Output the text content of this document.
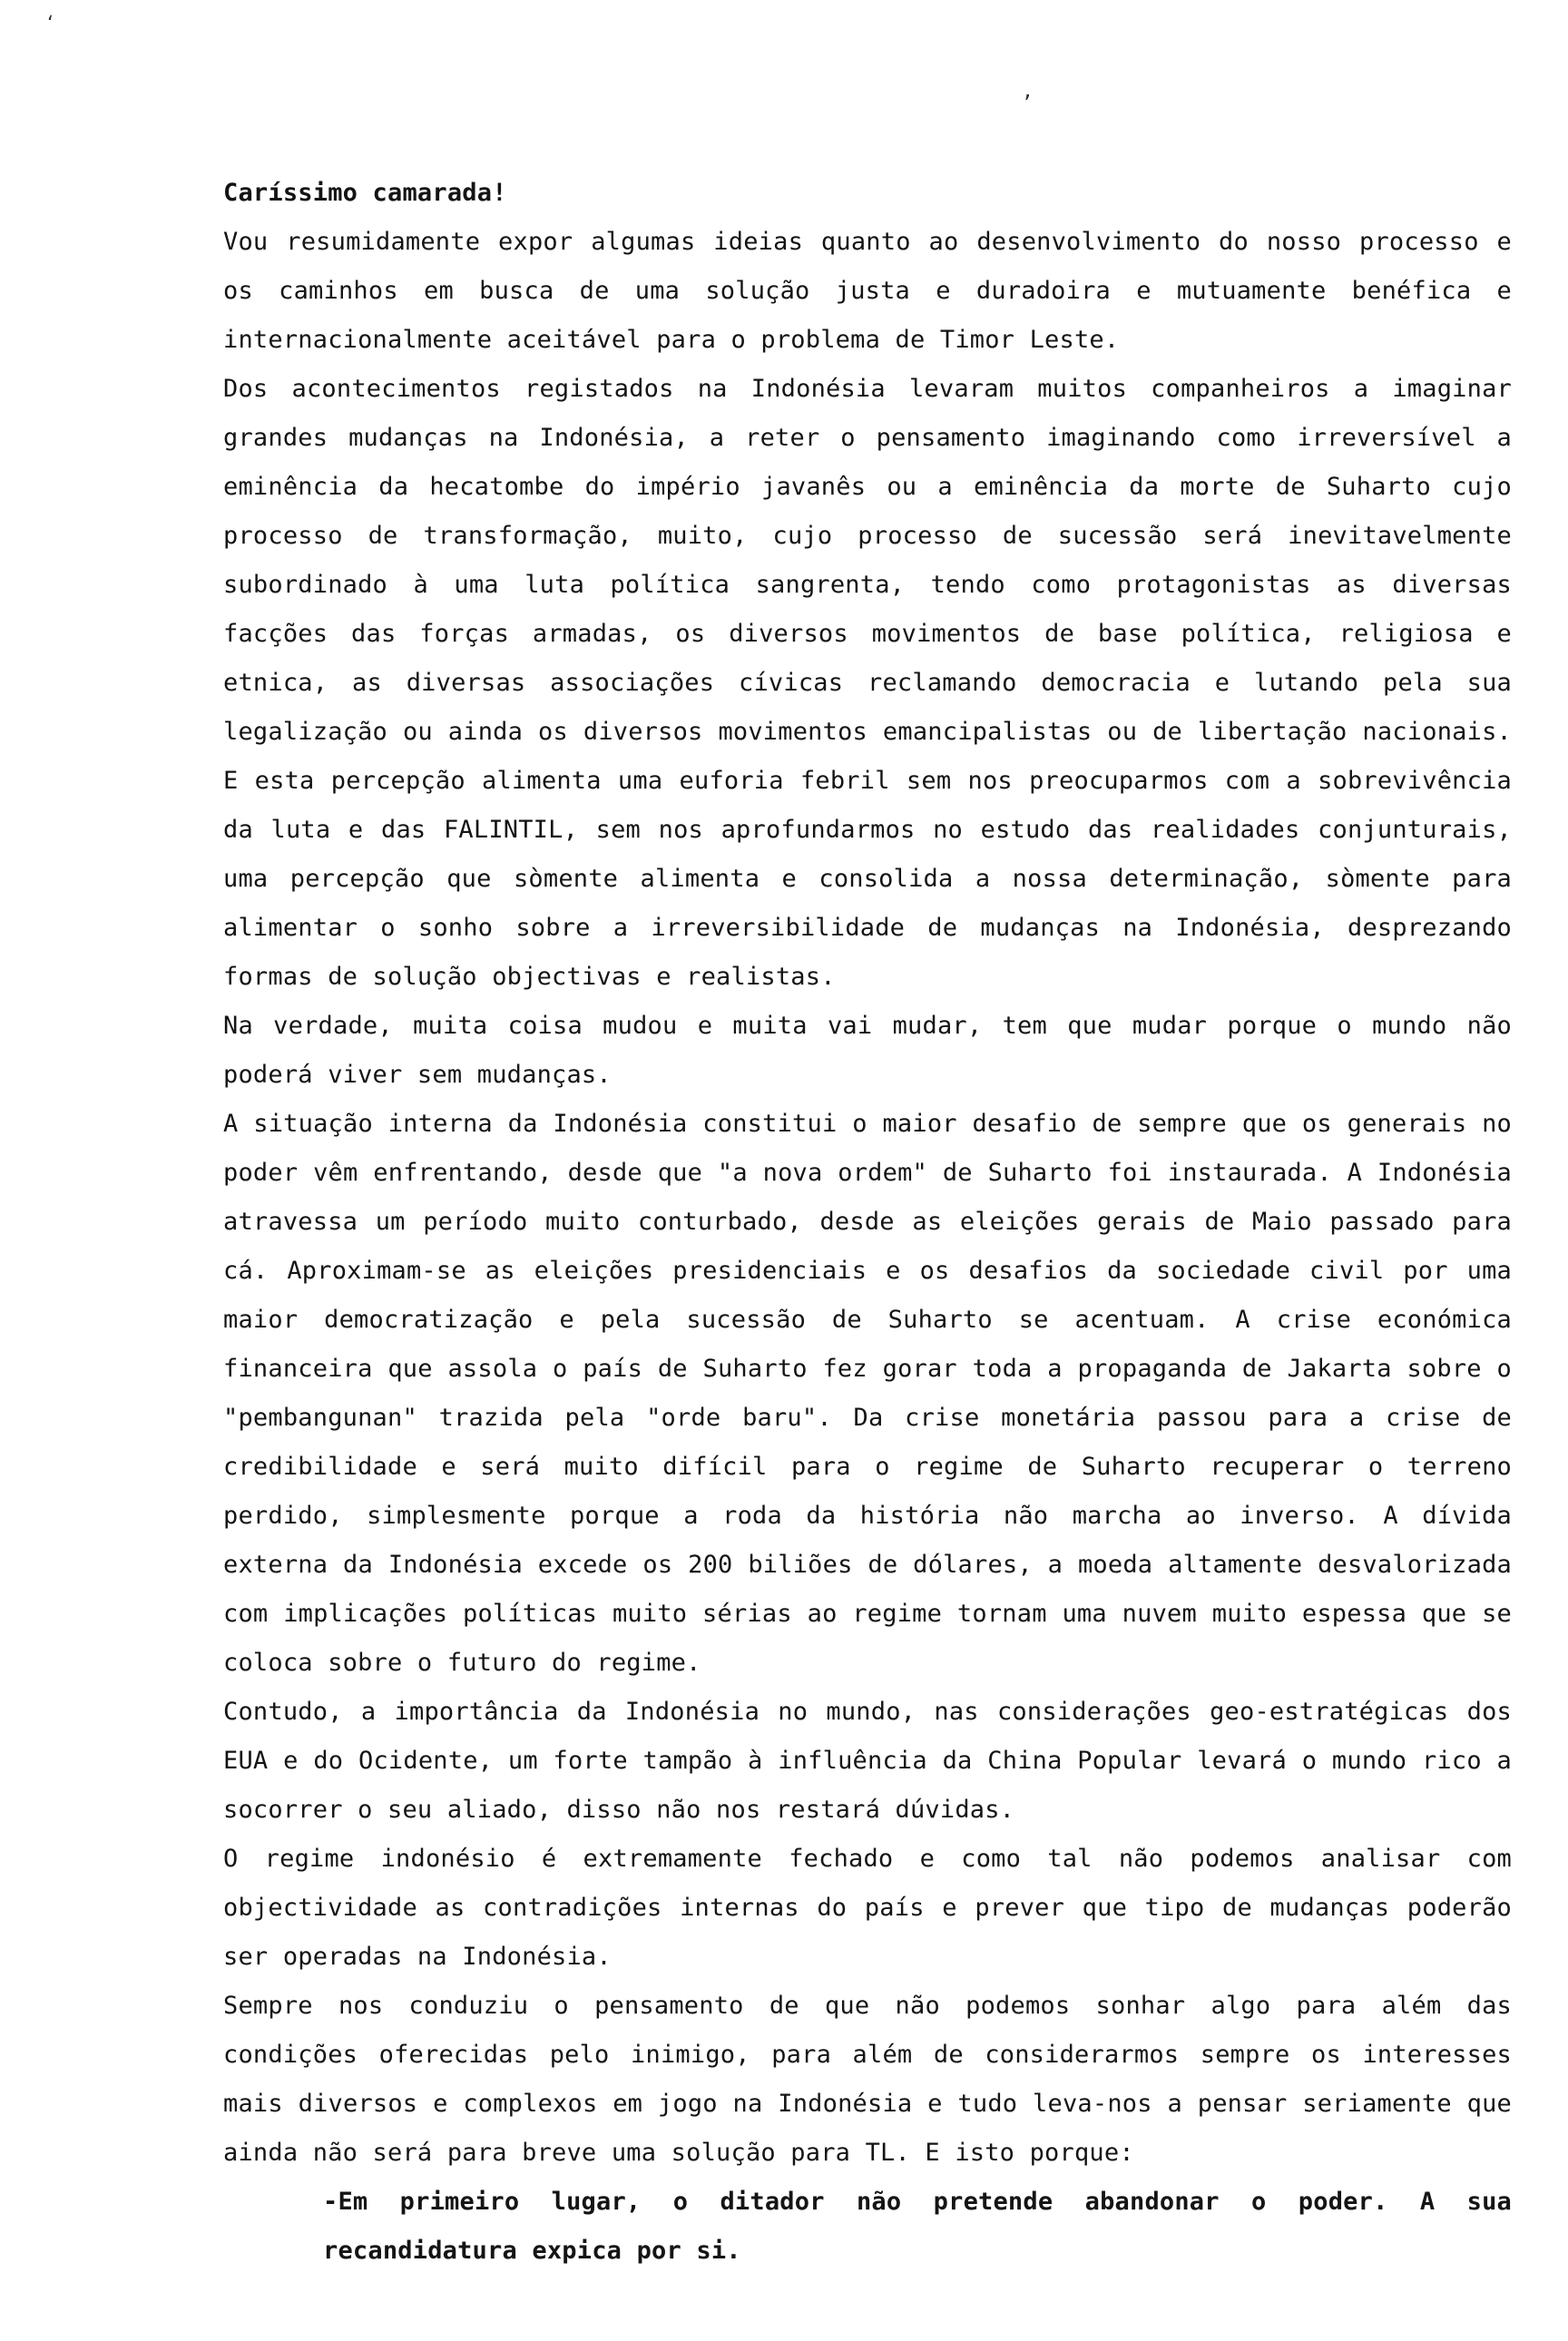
ʻ
’

Caríssimo camarada!

Vou resumidamente expor algumas ideias quanto ao desenvolvimento do nosso processo e os caminhos em busca de uma solução justa e duradoira e mutuamente benéfica e internacionalmente aceitável para o problema de Timor Leste.

Dos acontecimentos registados na Indonésia levaram muitos companheiros a imaginar grandes mudanças na Indonésia, a reter o pensamento imaginando como irreversível a eminência da hecatombe do império javanês ou a eminência da morte de Suharto cujo processo de transformação, muito, cujo processo de sucessão será inevitavelmente subordinado à uma luta política sangrenta, tendo como protagonistas as diversas facções das forças armadas, os diversos movimentos de base política, religiosa e etnica, as diversas associações cívicas reclamando democracia e lutando pela sua legalização ou ainda os diversos movimentos emancipalistas ou de libertação nacionais. E esta percepção alimenta uma euforia febril sem nos preocuparmos com a sobrevivência da luta e das FALINTIL, sem nos aprofundarmos no estudo das realidades conjunturais, uma percepção que sòmente alimenta e consolida a nossa determinação, sòmente para alimentar o sonho sobre a irreversibilidade de mudanças na Indonésia, desprezando formas de solução objectivas e realistas.

Na verdade, muita coisa mudou e muita vai mudar, tem que mudar porque o mundo não poderá viver sem mudanças.

A situação interna da Indonésia constitui o maior desafio de sempre que os generais no poder vêm enfrentando, desde que "a nova ordem" de Suharto foi instaurada. A Indonésia atravessa um período muito conturbado, desde as eleições gerais de Maio passado para cá. Aproximam-se as eleições presidenciais e os desafios da sociedade civil por uma maior democratização e pela sucessão de Suharto se acentuam. A crise económica financeira que assola o país de Suharto fez gorar toda a propaganda de Jakarta sobre o "pembangunan" trazida pela "orde baru". Da crise monetária passou para a crise de credibilidade e será muito difícil para o regime de Suharto recuperar o terreno perdido, simplesmente porque a roda da história não marcha ao inverso. A dívida externa da Indonésia excede os 200 biliões de dólares, a moeda altamente desvalorizada com implicações políticas muito sérias ao regime tornam uma nuvem muito espessa que se coloca sobre o futuro do regime.

Contudo, a importância da Indonésia no mundo, nas considerações geo-estratégicas dos EUA e do Ocidente, um forte tampão à influência da China Popular levará o mundo rico a socorrer o seu aliado, disso não nos restará dúvidas.

O regime indonésio é extremamente fechado e como tal não podemos analisar com objectividade as contradições internas do país e prever que tipo de mudanças poderão ser operadas na Indonésia.

Sempre nos conduziu o pensamento de que não podemos sonhar algo para além das condições oferecidas pelo inimigo, para além de considerarmos sempre os interesses mais diversos e complexos em jogo na Indonésia e tudo leva-nos a pensar seriamente que ainda não será para breve uma solução para TL. E isto porque:

-Em primeiro lugar, o ditador não pretende abandonar o poder. A sua recandidatura expica por si.
